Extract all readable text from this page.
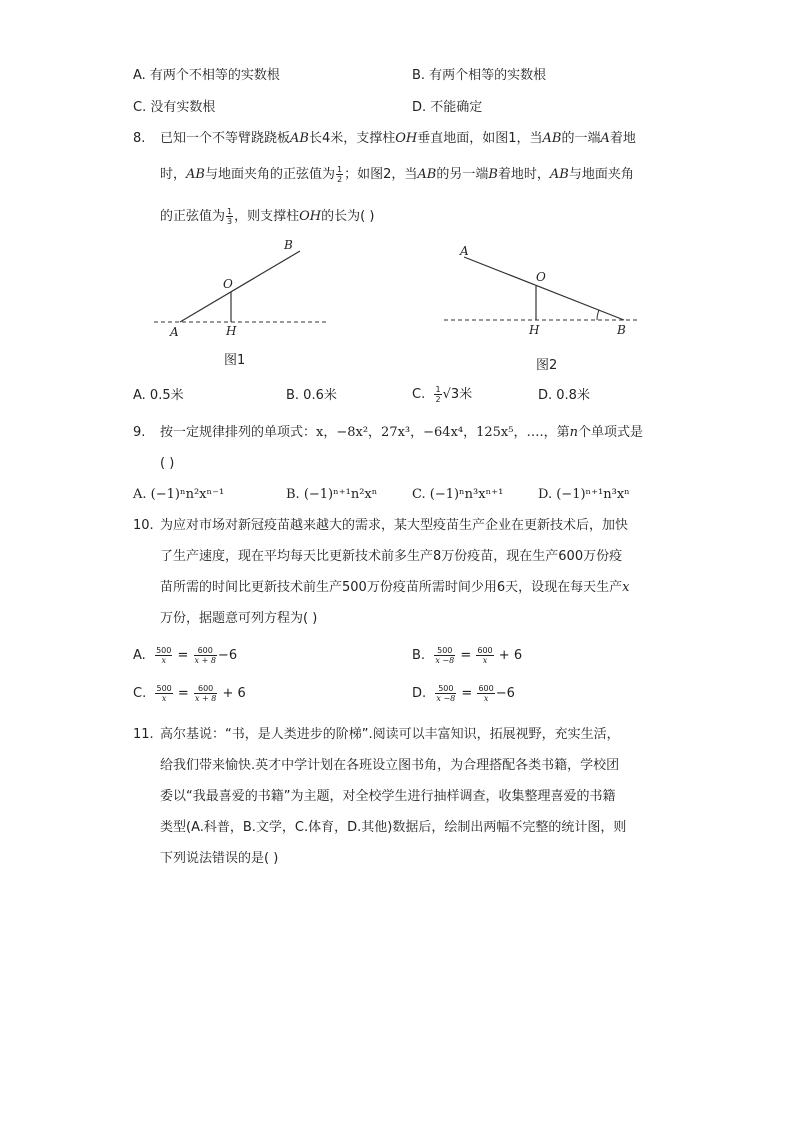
A. 有两个不相等的实数根	B. 有两个相等的实数根
C. 没有实数根	D. 不能确定
8. 已知一个不等臂跷跷板AB长4米，支撑柱OH垂直地面，如图1，当AB的一端A着地
时，AB与地面夹角的正弦值为 $\frac{1}{2}$ ；如图2，当AB的另一端B着地时，AB与地面夹角
的正弦值为 $\frac{1}{3}$ ，则支撑柱OH的长为( )
B
O
A	H
图1
A
O
H	B
图2
A. 0.5米	B. 0.6米	C. $\frac{1}{2} √3$米	D. 0.8米
9. 按一定规律排列的单项式：x，−8x²，27x³，−64x⁴，125x⁵，….，第n个单项式是
( )
A. (−1)ⁿn²xⁿ⁻¹	B. (−1)ⁿ⁺¹n²xⁿ	C. (−1)ⁿn³xⁿ⁺¹	D. (−1)ⁿ⁺¹n³xⁿ
10. 为应对市场对新冠疫苗越来越大的需求，某大型疫苗生产企业在更新技术后，加快
了生产速度，现在平均每天比更新技术前多生产8万份疫苗，现在生产600万份疫
苗所需的时间比更新技术前生产500万份疫苗所需时间少用6天，设现在每天生产x
万份，据题意可列方程为( )
A. $\frac{500}{x} = \frac{600}{x + 8} -6$	B. $\frac{500}{x -8} = \frac{600}{x} + 6$
C. $\frac{500}{x} = \frac{600}{x + 8} + 6$	D. $\frac{500}{x -8} = \frac{600}{x} -6$
11. 高尔基说：“书，是人类进步的阶梯”.阅读可以丰富知识，拓展视野，充实生活，
给我们带来愉快.英才中学计划在各班设立图书角，为合理搭配各类书籍，学校团
委以“我最喜爱的书籍”为主题，对全校学生进行抽样调查，收集整理喜爱的书籍
类型(A.科普，B.文学，C.体育，D.其他)数据后，绘制出两幅不完整的统计图，则
下列说法错误的是( )
